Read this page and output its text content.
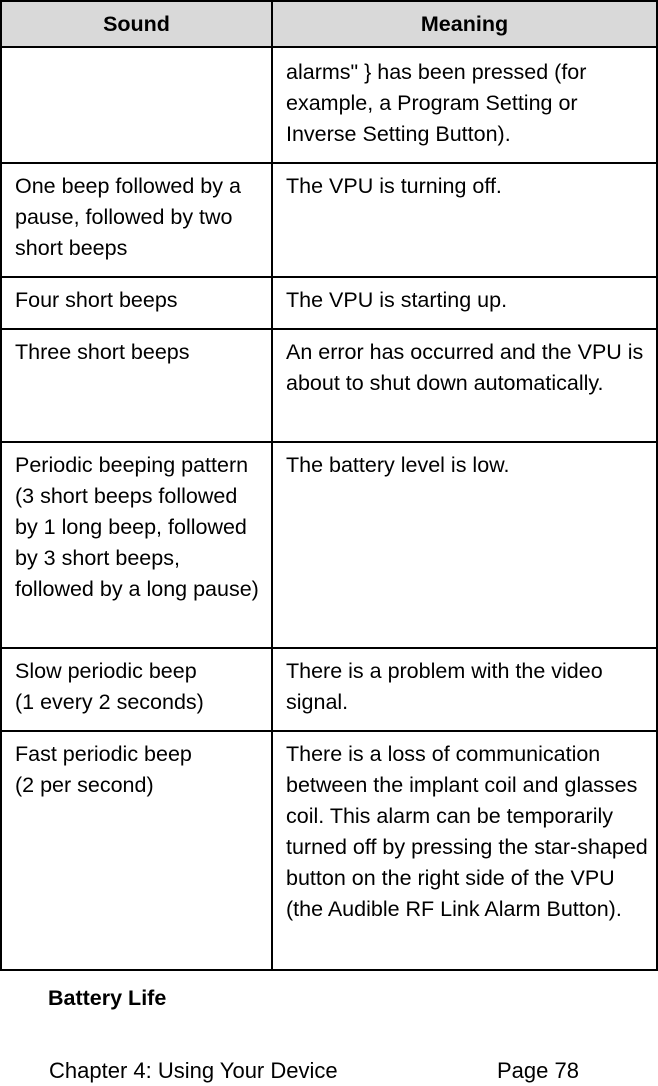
Sound	Meaning

	alarms" } has been pressed (for example, a Program Setting or Inverse Setting Button).

One beep followed by a pause, followed by two short beeps	The VPU is turning off.

Four short beeps	The VPU is starting up.

Three short beeps	An error has occurred and the VPU is about to shut down automatically.

Periodic beeping pattern (3 short beeps followed by 1 long beep, followed by 3 short beeps, followed by a long pause)	The battery level is low.

Slow periodic beep
(1 every 2 seconds)	There is a problem with the video signal.

Fast periodic beep
(2 per second)	There is a loss of communication between the implant coil and glasses coil. This alarm can be temporarily turned off by pressing the star-shaped button on the right side of the VPU (the Audible RF Link Alarm Button).
Battery Life
Chapter 4: Using Your Device	Page 78
